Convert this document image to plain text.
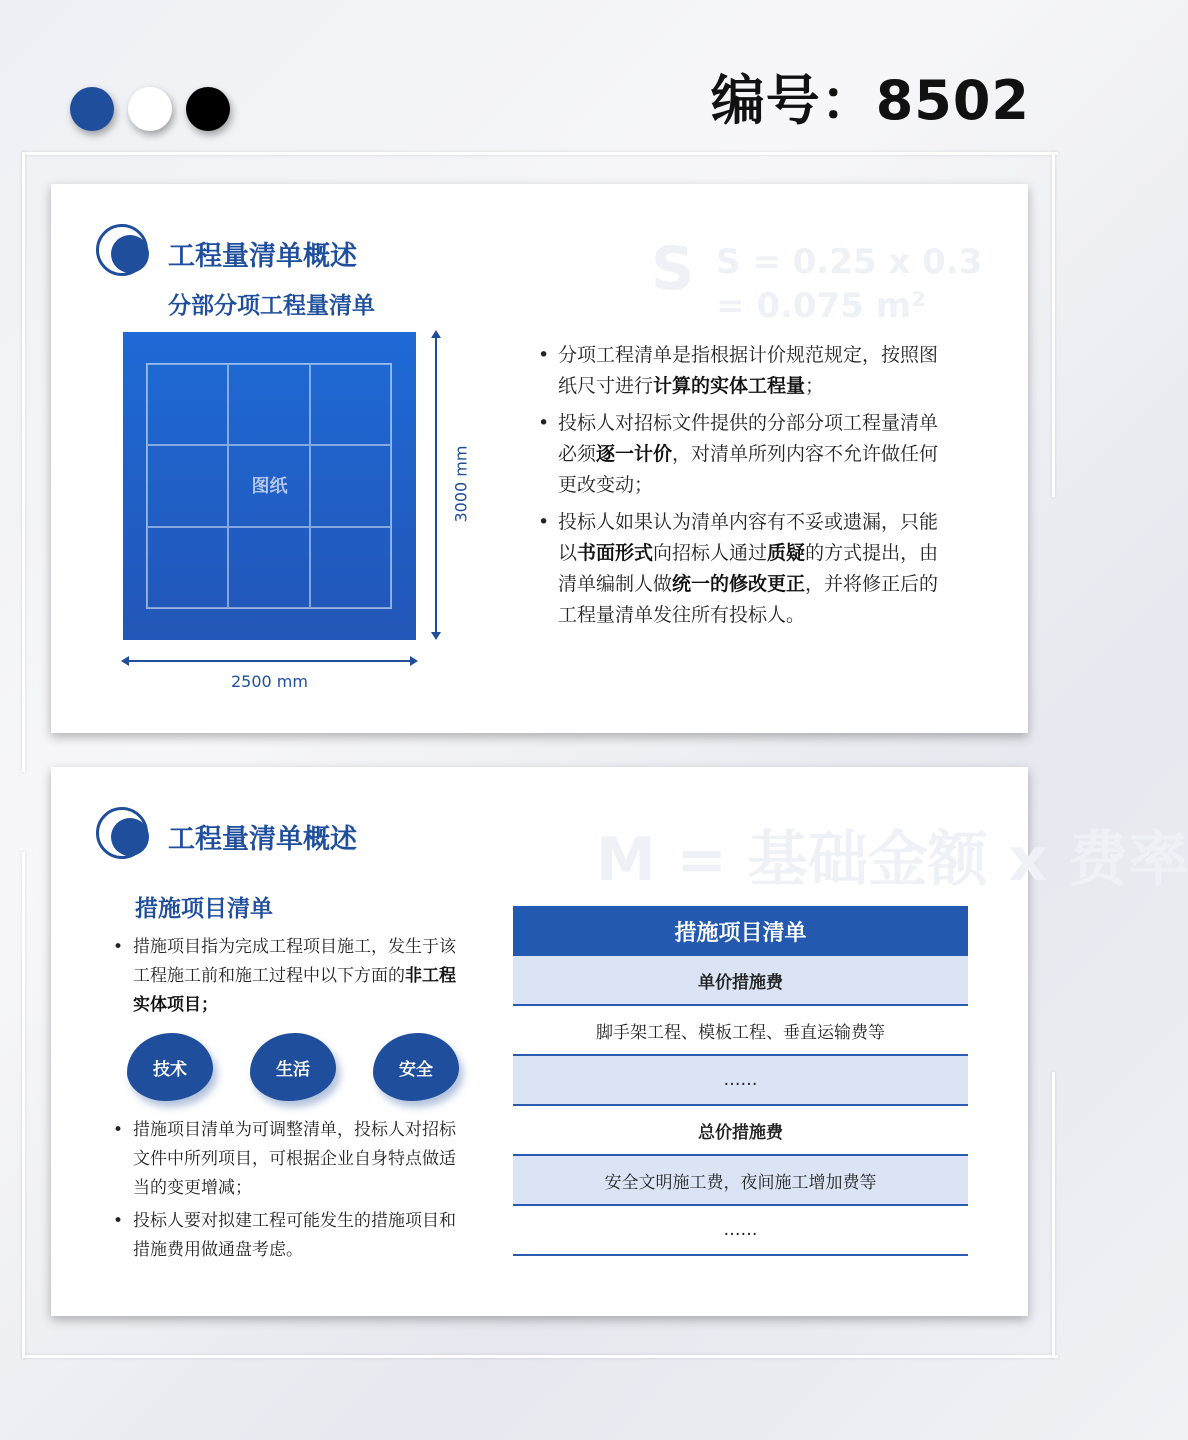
编号：8502
S S = 0.25 x 0.3
= 0.075 m²
工程量清单概述
分部分项工程量清单
图纸	3000 mm
2500 mm
• 分项工程清单是指根据计价规范规定，按照图纸尺寸进行计算的实体工程量；
• 投标人对招标文件提供的分部分项工程量清单必须逐一计价，对清单所列内容不允许做任何更改变动；
• 投标人如果认为清单内容有不妥或遗漏，只能以书面形式向招标人通过质疑的方式提出，由清单编制人做统一的修改更正，并将修正后的工程量清单发往所有投标人。
M = 基础金额 x 费率
工程量清单概述
措施项目清单
• 措施项目指为完成工程项目施工，发生于该工程施工前和施工过程中以下方面的非工程实体项目；
技术	生活	安全
• 措施项目清单为可调整清单，投标人对招标文件中所列项目，可根据企业自身特点做适当的变更增减；
• 投标人要对拟建工程可能发生的措施项目和措施费用做通盘考虑。
措施项目清单
单价措施费
脚手架工程、模板工程、垂直运输费等
……
总价措施费
安全文明施工费，夜间施工增加费等
……
